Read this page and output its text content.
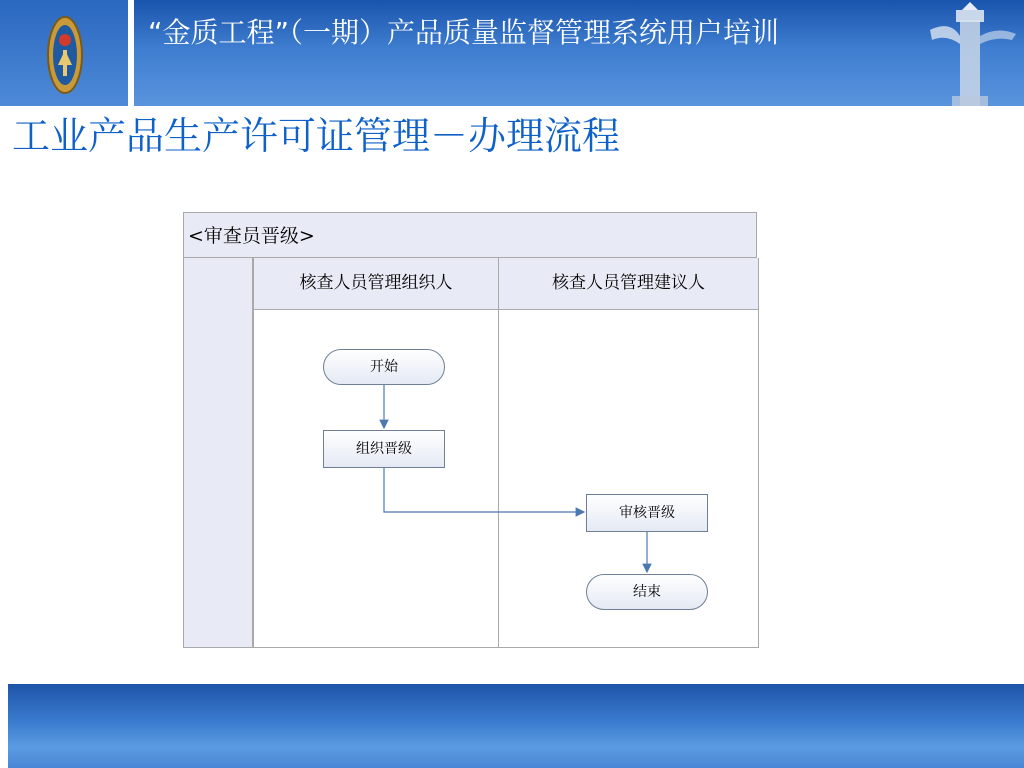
“金质工程”（一期）产品质量监督管理系统用户培训
工业产品生产许可证管理－办理流程
<审查员晋级>
核查人员管理组织人	核查人员管理建议人
开始
组织晋级
审核晋级
结束
